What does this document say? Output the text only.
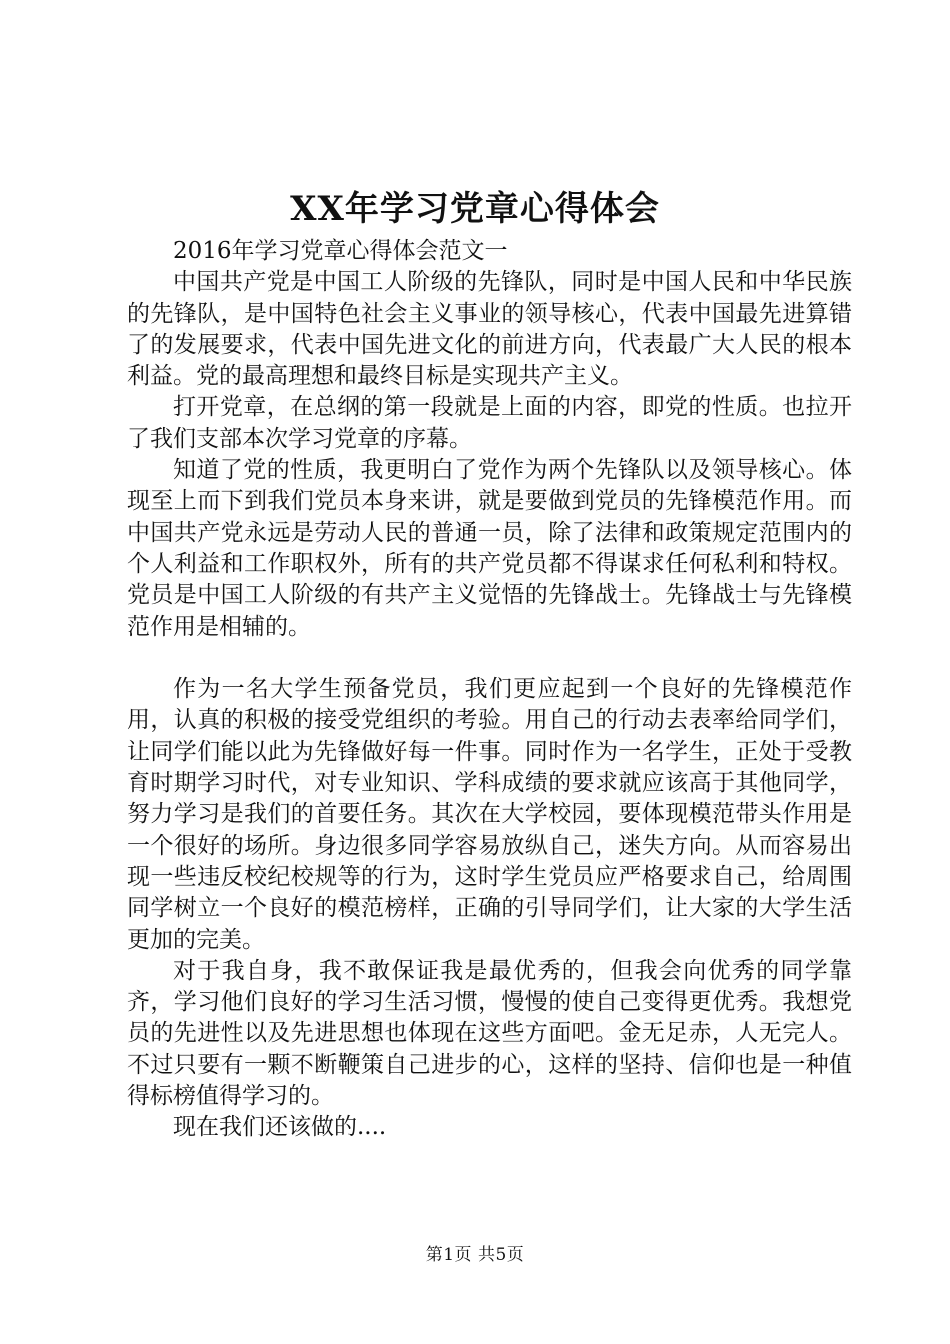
XX年学习党章心得体会

2016年学习党章心得体会范文一

中国共产党是中国工人阶级的先锋队，同时是中国人民和中华民族的先锋队，是中国特色社会主义事业的领导核心，代表中国最先进算错了的发展要求，代表中国先进文化的前进方向，代表最广大人民的根本利益。党的最高理想和最终目标是实现共产主义。

打开党章，在总纲的第一段就是上面的内容，即党的性质。也拉开了我们支部本次学习党章的序幕。

知道了党的性质，我更明白了党作为两个先锋队以及领导核心。体现至上而下到我们党员本身来讲，就是要做到党员的先锋模范作用。而中国共产党永远是劳动人民的普通一员，除了法律和政策规定范围内的个人利益和工作职权外，所有的共产党员都不得谋求任何私利和特权。党员是中国工人阶级的有共产主义觉悟的先锋战士。先锋战士与先锋模范作用是相辅的。

作为一名大学生预备党员，我们更应起到一个良好的先锋模范作用，认真的积极的接受党组织的考验。用自己的行动去表率给同学们，让同学们能以此为先锋做好每一件事。同时作为一名学生，正处于受教育时期学习时代，对专业知识、学科成绩的要求就应该高于其他同学，努力学习是我们的首要任务。其次在大学校园，要体现模范带头作用是一个很好的场所。身边很多同学容易放纵自己，迷失方向。从而容易出现一些违反校纪校规等的行为，这时学生党员应严格要求自己，给周围同学树立一个良好的模范榜样，正确的引导同学们，让大家的大学生活更加的完美。

对于我自身，我不敢保证我是最优秀的，但我会向优秀的同学靠齐，学习他们良好的学习生活习惯，慢慢的使自己变得更优秀。我想党员的先进性以及先进思想也体现在这些方面吧。金无足赤，人无完人。不过只要有一颗不断鞭策自己进步的心，这样的坚持、信仰也是一种值得标榜值得学习的。

现在我们还该做的....

第1页 共5页
